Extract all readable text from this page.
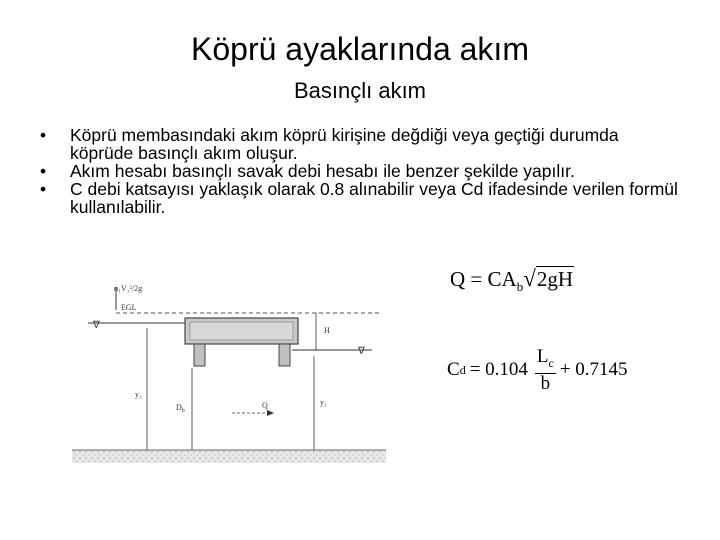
Köprü ayaklarında akım
Basınçlı akım
• Köprü membasındaki akım köprü kirişine değdiği veya geçtiği durumda köprüde basınçlı akım oluşur.
• Akım hesabı basınçlı savak debi hesabı ile benzer şekilde yapılır.
• C debi katsayısı yaklaşık olarak 0.8 alınabilir veya Cd ifadesinde verilen formül kullanılabilir.
α₁V₁²/2g
EGL
∇	H
∇
y₃
$D_b$
Q	y₂
$Q = CA_b√2gH$
C $d = 0.104 \frac{L_c}{b} + 0.7145$
